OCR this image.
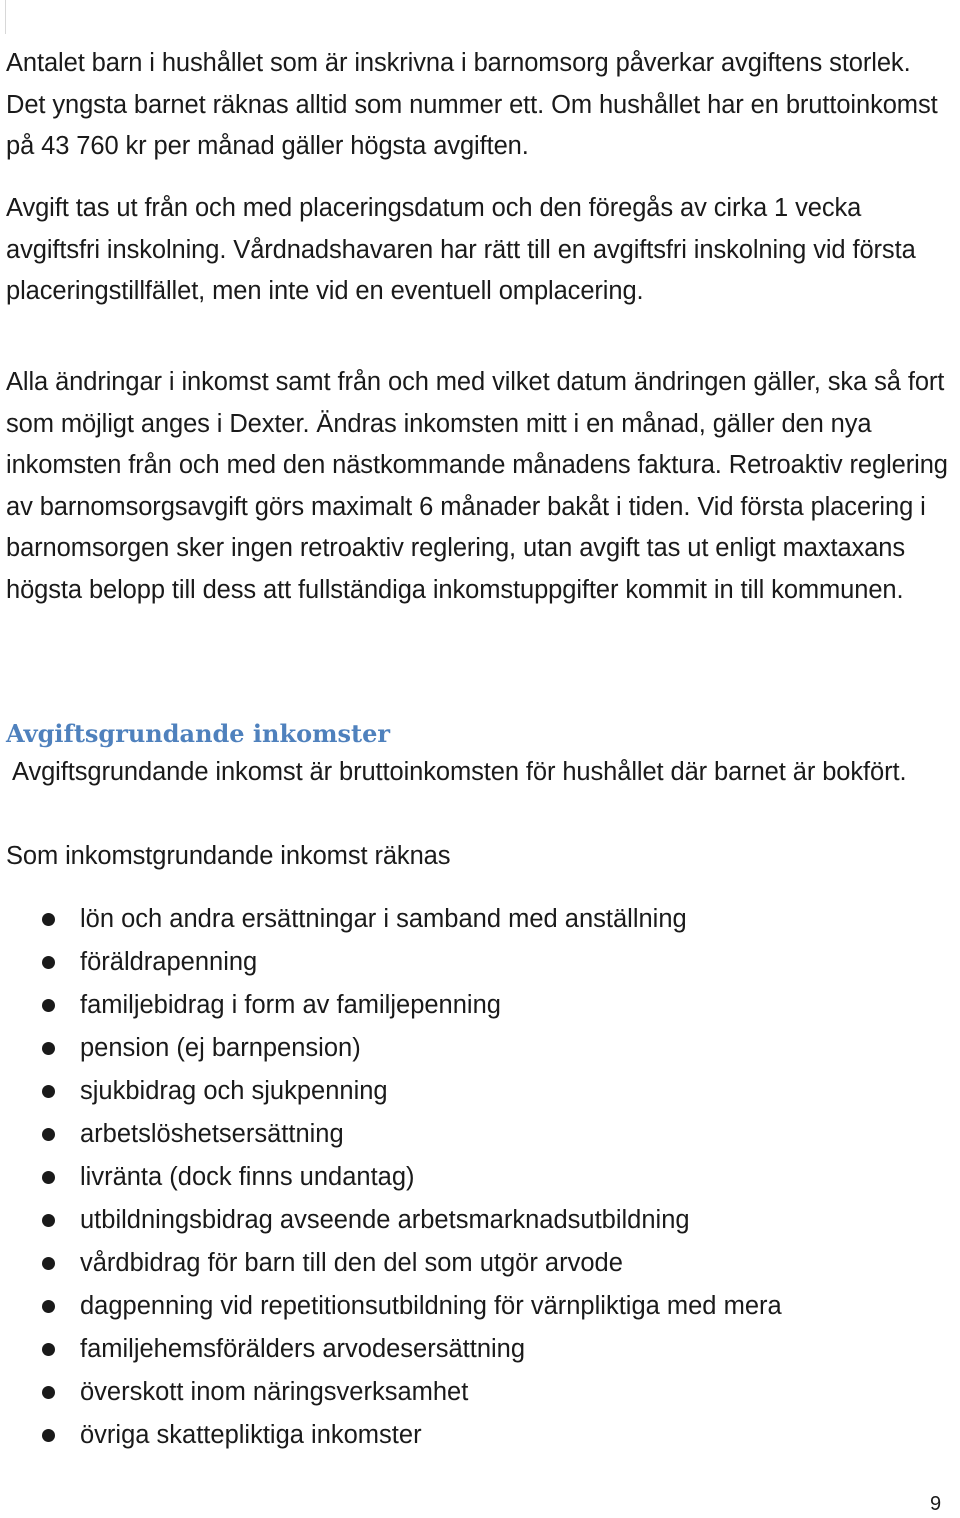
Antalet barn i hushållet som är inskrivna i barnomsorg påverkar avgiftens storlek. Det yngsta barnet räknas alltid som nummer ett. Om hushållet har en bruttoinkomst på 43 760 kr per månad gäller högsta avgiften.

Avgift tas ut från och med placeringsdatum och den föregås av cirka 1 vecka avgiftsfri inskolning. Vårdnadshavaren har rätt till en avgiftsfri inskolning vid första placeringstillfället, men inte vid en eventuell omplacering.

Alla ändringar i inkomst samt från och med vilket datum ändringen gäller, ska så fort som möjligt anges i Dexter. Ändras inkomsten mitt i en månad, gäller den nya inkomsten från och med den nästkommande månadens faktura. Retroaktiv reglering av barnomsorgsavgift görs maximalt 6 månader bakåt i tiden. Vid första placering i barnomsorgen sker ingen retroaktiv reglering, utan avgift tas ut enligt maxtaxans högsta belopp till dess att fullständiga inkomstuppgifter kommit in till kommunen.

Avgiftsgrundande inkomster

Avgiftsgrundande inkomst är bruttoinkomsten för hushållet där barnet är bokfört.

Som inkomstgrundande inkomst räknas

lön och andra ersättningar i samband med anställning
föräldrapenning
familjebidrag i form av familjepenning
pension (ej barnpension)
sjukbidrag och sjukpenning
arbetslöshetsersättning
livränta (dock finns undantag)
utbildningsbidrag avseende arbetsmarknadsutbildning
vårdbidrag för barn till den del som utgör arvode
dagpenning vid repetitionsutbildning för värnpliktiga med mera
familjehemsförälders arvodesersättning
överskott inom näringsverksamhet
övriga skattepliktiga inkomster
9
